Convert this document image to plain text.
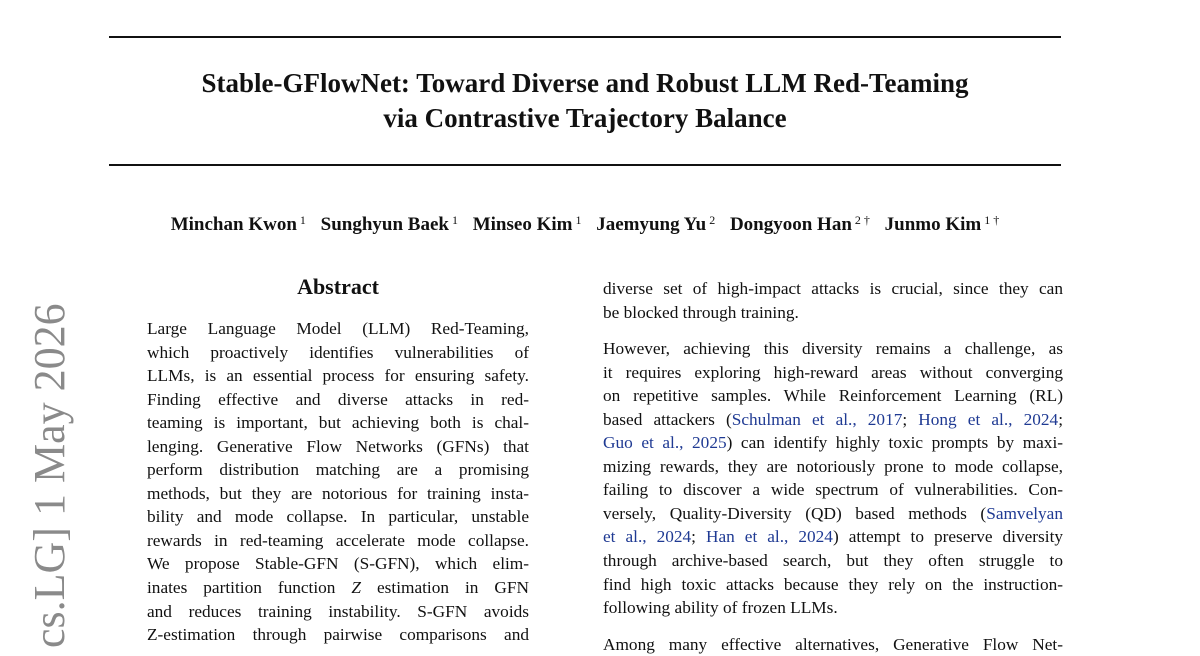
Stable-GFlowNet: Toward Diverse and Robust LLM Red-Teaming
via Contrastive Trajectory Balance
Minchan Kwon $^1$ Sunghyun Baek $^1$ Minseo Kim $^1$ Jaemyung Yu $^2$ Dongyoon Han $^{2 \dagger}$ Junmo Kim $^{1 \dagger}$
Abstract
Large Language Model (LLM) Red-Teaming,
which proactively identifies vulnerabilities of
LLMs, is an essential process for ensuring safety.
Finding effective and diverse attacks in red-
teaming is important, but achieving both is chal-
lenging. Generative Flow Networks (GFNs) that
perform distribution matching are a promising
methods, but they are notorious for training insta-
bility and mode collapse. In particular, unstable
rewards in red-teaming accelerate mode collapse.
We propose Stable-GFN (S-GFN), which elim-
inates partition function Z estimation in GFN
and reduces training instability. S-GFN avoids
Z-estimation through pairwise comparisons and
diverse set of high-impact attacks is crucial, since they can
be blocked through training.
However, achieving this diversity remains a challenge, as
it requires exploring high-reward areas without converging
on repetitive samples. While Reinforcement Learning (RL)
based attackers (Schulman et al., 2017; Hong et al., 2024;
Guo et al., 2025) can identify highly toxic prompts by maxi-
mizing rewards, they are notoriously prone to mode collapse,
failing to discover a wide spectrum of vulnerabilities. Con-
versely, Quality-Diversity (QD) based methods (Samvelyan
et al., 2024; Han et al., 2024) attempt to preserve diversity
through archive-based search, but they often struggle to
find high toxic attacks because they rely on the instruction-
following ability of frozen LLMs.
Among many effective alternatives, Generative Flow Net-
cs.LG] 1 May 2026
